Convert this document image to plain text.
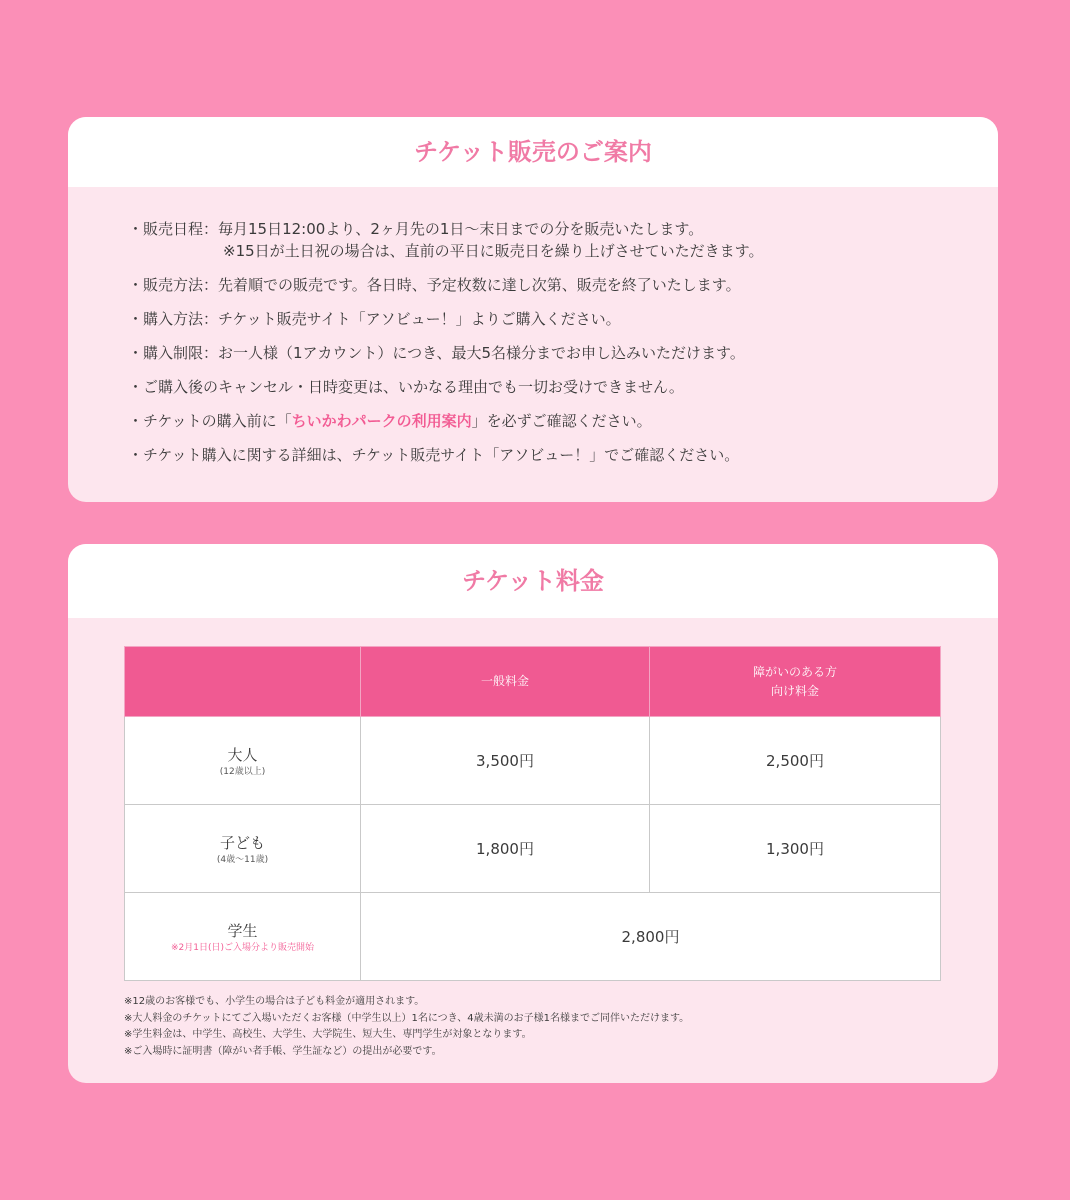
チケット販売のご案内
・販売日程：毎月15日12:00より、2ヶ月先の1日〜末日までの分を販売いたします。
※15日が土日祝の場合は、直前の平日に販売日を繰り上げさせていただきます。
・販売方法：先着順での販売です。各日時、予定枚数に達し次第、販売を終了いたします。
・購入方法：チケット販売サイト「アソビュー！」よりご購入ください。
・購入制限：お一人様（1アカウント）につき、最大5名様分までお申し込みいただけます。
・ご購入後のキャンセル・日時変更は、いかなる理由でも一切お受けできません。
・チケットの購入前に「ちいかわパークの利用案内」を必ずご確認ください。
・チケット購入に関する詳細は、チケット販売サイト「アソビュー！」でご確認ください。
チケット料金
	一般料金	障がいのある方
向け料金

大人
(12歳以上)	3,500円	2,500円

子ども
(4歳〜11歳)	1,800円	1,300円

学生
※2月1日(日)ご入場分より販売開始	2,800円	

※12歳のお客様でも、小学生の場合は子ども料金が適用されます。

※大人料金のチケットにてご入場いただくお客様（中学生以上）1名につき、4歳未満のお子様1名様までご同伴いただけます。

※学生料金は、中学生、高校生、大学生、大学院生、短大生、専門学生が対象となります。

※ご入場時に証明書（障がい者手帳、学生証など）の提出が必要です。
